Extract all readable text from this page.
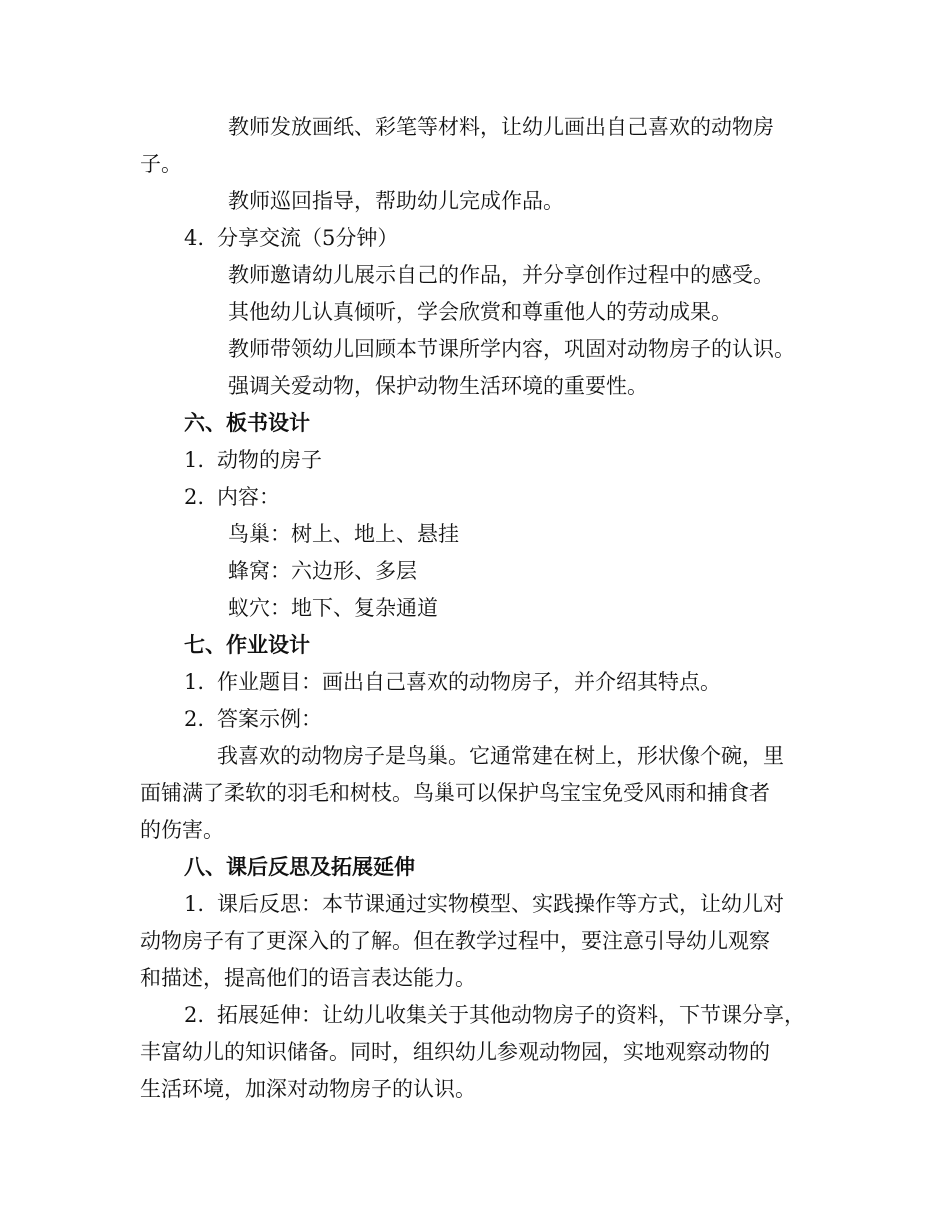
教师发放画纸、彩笔等材料，让幼儿画出自己喜欢的动物房
子。
教师巡回指导，帮助幼儿完成作品。
4. 分享交流（5分钟）
教师邀请幼儿展示自己的作品，并分享创作过程中的感受。
其他幼儿认真倾听，学会欣赏和尊重他人的劳动成果。
教师带领幼儿回顾本节课所学内容，巩固对动物房子的认识。
强调关爱动物，保护动物生活环境的重要性。
六、板书设计
1. 动物的房子
2. 内容：
鸟巢：树上、地上、悬挂
蜂窝：六边形、多层
蚁穴：地下、复杂通道
七、作业设计
1. 作业题目：画出自己喜欢的动物房子，并介绍其特点。
2. 答案示例：
我喜欢的动物房子是鸟巢。它通常建在树上，形状像个碗，里
面铺满了柔软的羽毛和树枝。鸟巢可以保护鸟宝宝免受风雨和捕食者
的伤害。
八、课后反思及拓展延伸
1. 课后反思：本节课通过实物模型、实践操作等方式，让幼儿对
动物房子有了更深入的了解。但在教学过程中，要注意引导幼儿观察
和描述，提高他们的语言表达能力。
2. 拓展延伸：让幼儿收集关于其他动物房子的资料，下节课分享，
丰富幼儿的知识储备。同时，组织幼儿参观动物园，实地观察动物的
生活环境，加深对动物房子的认识。
